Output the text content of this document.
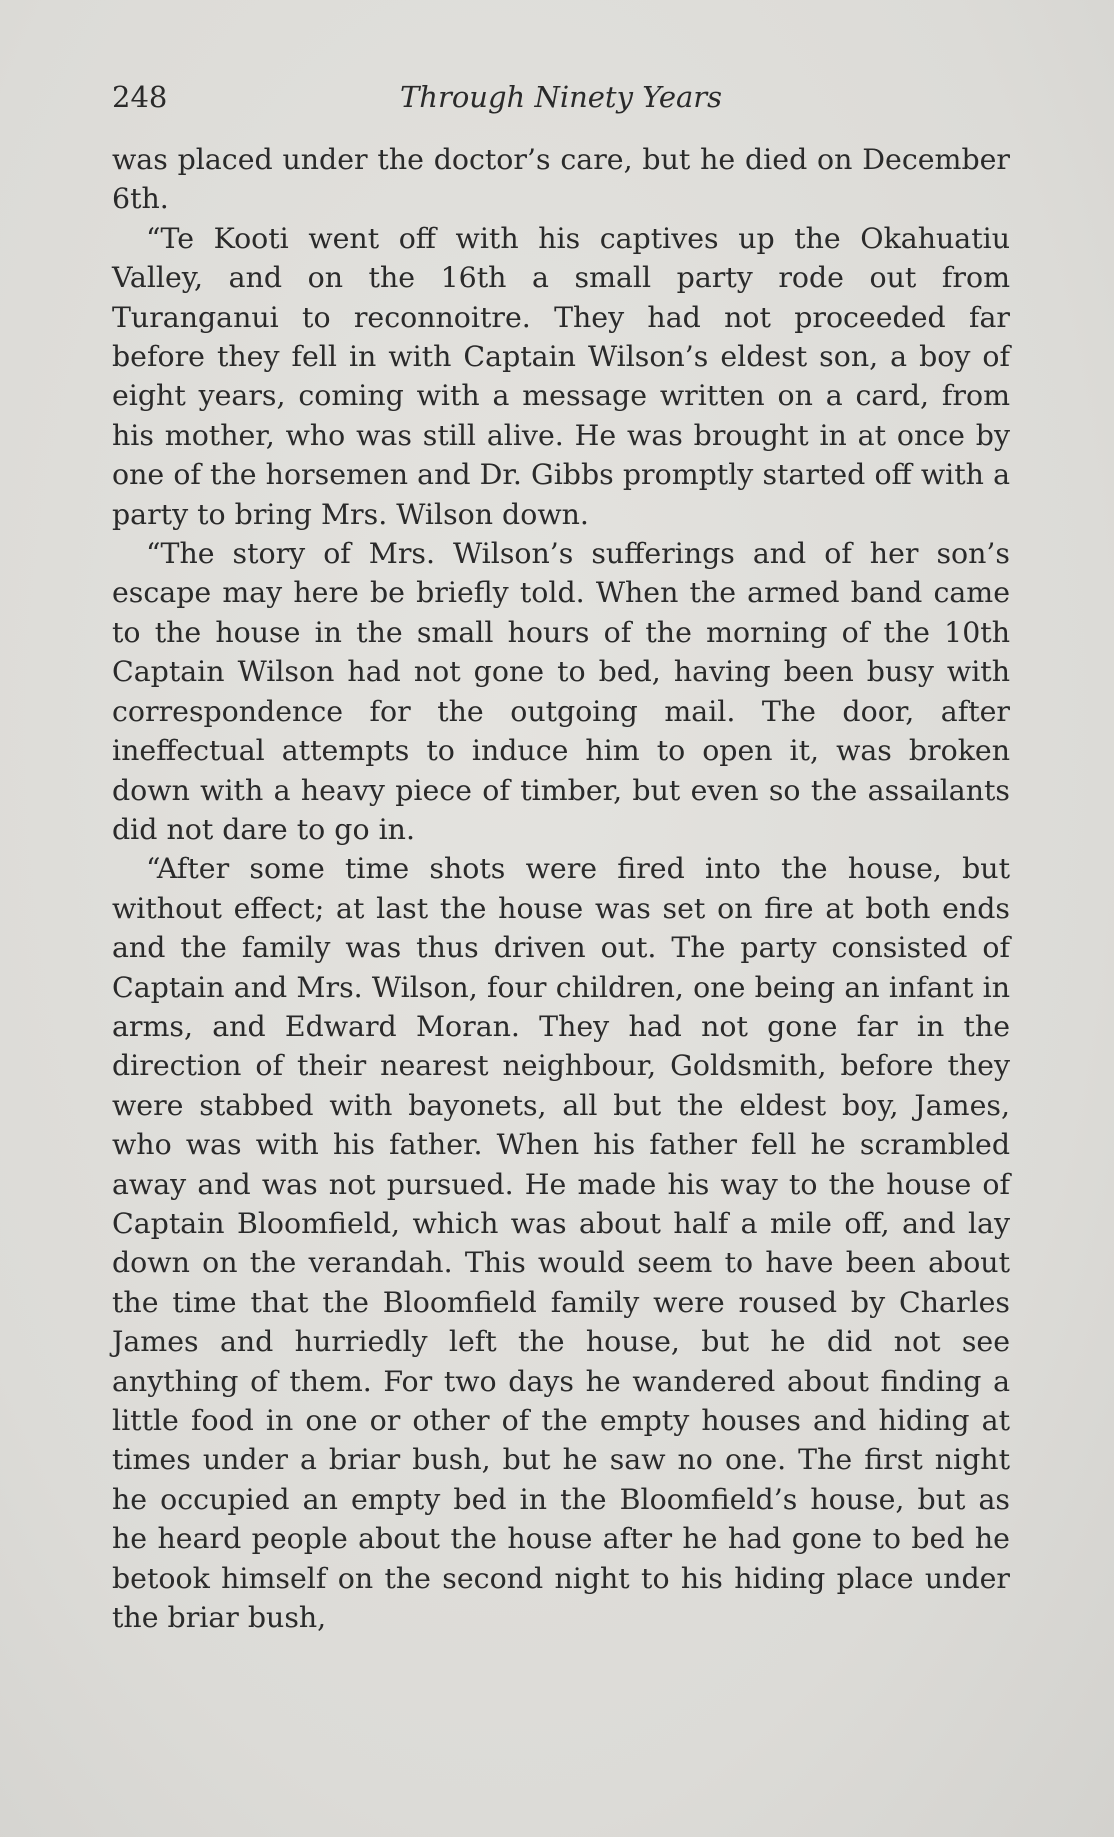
248	Through Ninety Years

was placed under the doctor’s care, but he died on December 6th.

“Te Kooti went off with his captives up the Okahuatiu Valley, and on the 16th a small party rode out from Turanganui to reconnoitre. They had not proceeded far before they fell in with Captain Wilson’s eldest son, a boy of eight years, coming with a message written on a card, from his mother, who was still alive. He was brought in at once by one of the horsemen and Dr. Gibbs promptly started off with a party to bring Mrs. Wilson down.

“The story of Mrs. Wilson’s sufferings and of her son’s escape may here be briefly told. When the armed band came to the house in the small hours of the morning of the 10th Captain Wilson had not gone to bed, having been busy with correspondence for the outgoing mail. The door, after ineffectual attempts to induce him to open it, was broken down with a heavy piece of timber, but even so the assailants did not dare to go in.

“After some time shots were fired into the house, but without effect; at last the house was set on fire at both ends and the family was thus driven out. The party consisted of Captain and Mrs. Wilson, four children, one being an infant in arms, and Edward Moran. They had not gone far in the direction of their nearest neighbour, Goldsmith, before they were stabbed with bayonets, all but the eldest boy, James, who was with his father. When his father fell he scrambled away and was not pursued. He made his way to the house of Captain Bloomfield, which was about half a mile off, and lay down on the verandah. This would seem to have been about the time that the Bloomfield family were roused by Charles James and hurriedly left the house, but he did not see anything of them. For two days he wandered about finding a little food in one or other of the empty houses and hiding at times under a briar bush, but he saw no one. The first night he occupied an empty bed in the Bloomfield’s house, but as he heard people about the house after he had gone to bed he betook himself on the second night to his hiding place under the briar bush,
